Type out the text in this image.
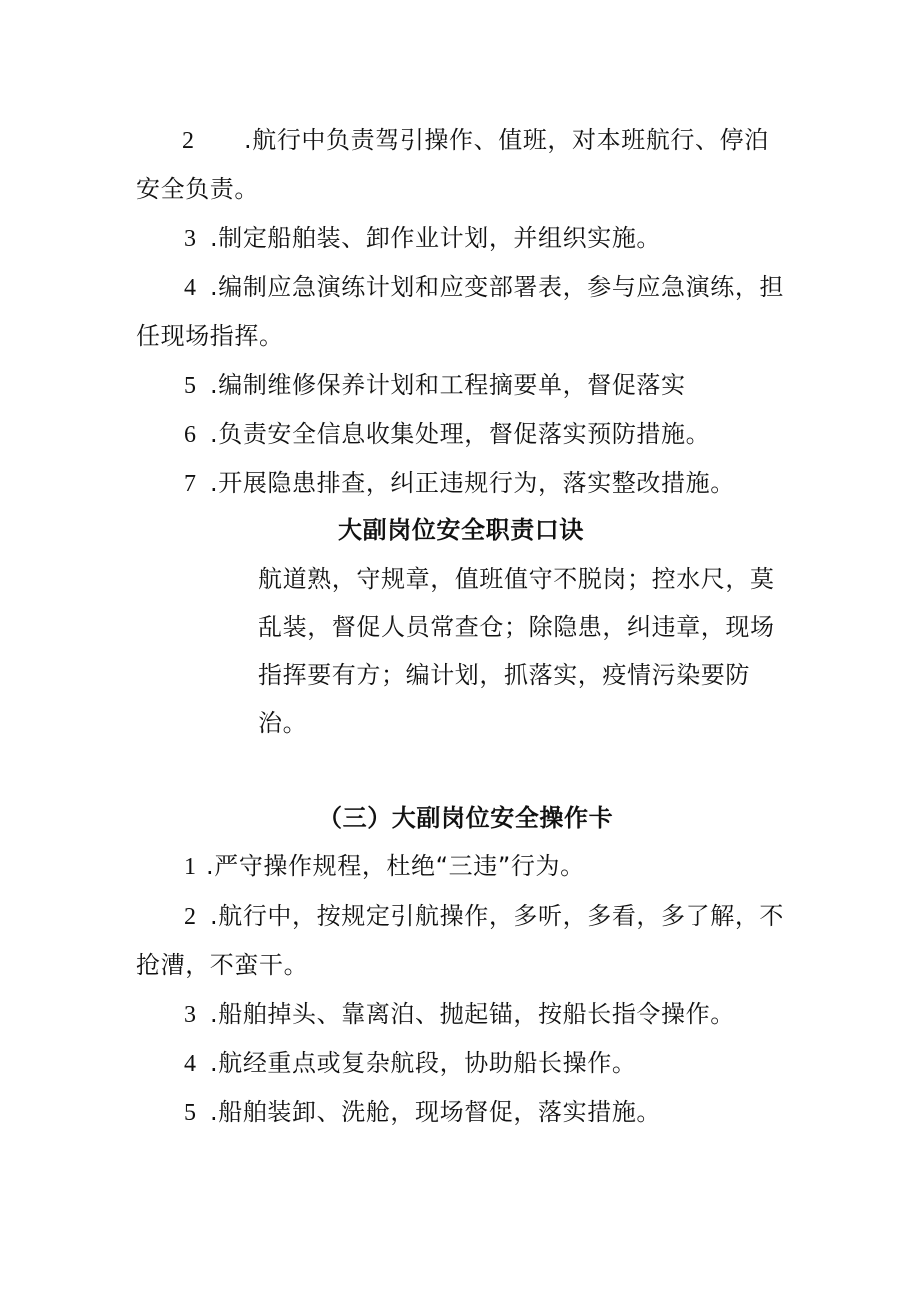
2 .航行中负责驾引操作、值班，对本班航行、停泊
安全负责。
3 .制定船舶装、卸作业计划，并组织实施。
4 .编制应急演练计划和应变部署表，参与应急演练，担
任现场指挥。
5 .编制维修保养计划和工程摘要单，督促落实
6 .负责安全信息收集处理，督促落实预防措施。
7 .开展隐患排查，纠正违规行为，落实整改措施。
大副岗位安全职责口诀
航道熟，守规章，值班值守不脱岗；控水尺，莫
乱装，督促人员常查仓；除隐患，纠违章，现场
指挥要有方；编计划，抓落实，疫情污染要防
治。
（三）大副岗位安全操作卡
1 .严守操作规程，杜绝“三违”行为。
2 .航行中，按规定引航操作，多听，多看，多了解，不
抢漕，不蛮干。
3 .船舶掉头、靠离泊、抛起锚，按船长指令操作。
4 .航经重点或复杂航段，协助船长操作。
5 .船舶装卸、洗舱，现场督促，落实措施。
